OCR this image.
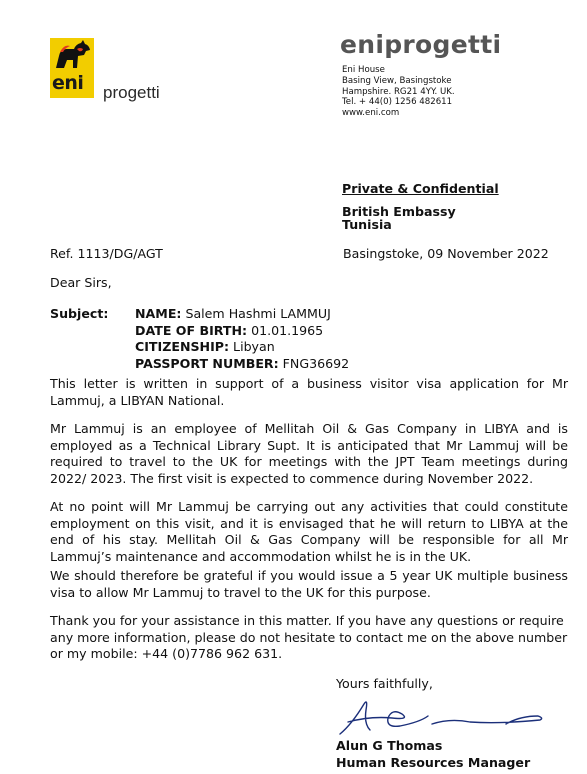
eni progetti
eniprogetti
Eni House
Basing View, Basingstoke
Hampshire. RG21 4YY. UK.
Tel. + 44(0) 1256 482611
www.eni.com
Private & Confidential
British Embassy
Tunisia
Ref. 1113/DG/AGT	Basingstoke, 09 November 2022
Dear Sirs,
Subject: NAME: Salem Hashmi LAMMUJ
DATE OF BIRTH: 01.01.1965
CITIZENSHIP: Libyan
PASSPORT NUMBER: FNG36692
This letter is written in support of a business visitor visa application for Mr Lammuj, a LIBYAN National.
Mr Lammuj is an employee of Mellitah Oil & Gas Company in LIBYA and is employed as a Technical Library Supt. It is anticipated that Mr Lammuj will be required to travel to the UK for meetings with the JPT Team meetings during 2022/ 2023. The first visit is expected to commence during November 2022.
At no point will Mr Lammuj be carrying out any activities that could constitute employment on this visit, and it is envisaged that he will return to LIBYA at the end of his stay. Mellitah Oil & Gas Company will be responsible for all Mr Lammuj’s maintenance and accommodation whilst he is in the UK.
We should therefore be grateful if you would issue a 5 year UK multiple business visa to allow Mr Lammuj to travel to the UK for this purpose.
Thank you for your assistance in this matter. If you have any questions or require any more information, please do not hesitate to contact me on the above number or my mobile: +44 (0)7786 962 631.
Yours faithfully,
Alun G Thomas
Human Resources Manager
